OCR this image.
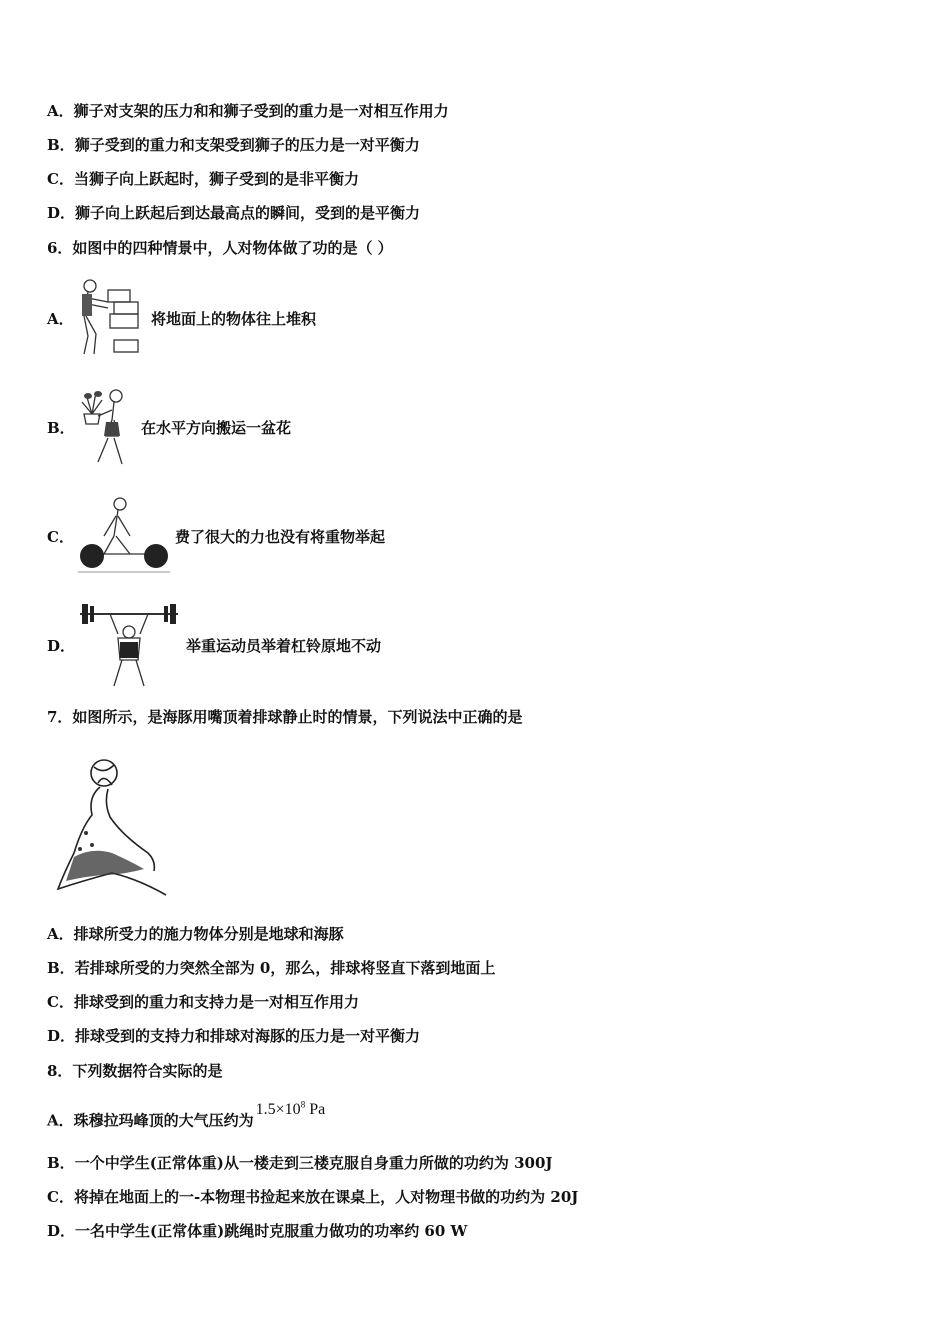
A．狮子对支架的压力和和狮子受到的重力是一对相互作用力
B．狮子受到的重力和支架受到狮子的压力是一对平衡力
C．当狮子向上跃起时，狮子受到的是非平衡力
D．狮子向上跃起后到达最高点的瞬间，受到的是平衡力
6．如图中的四种情景中，人对物体做了功的是（ ）
A．	将地面上的物体往上堆积
B．	在水平方向搬运一盆花
C．	费了很大的力也没有将重物举起
D．	举重运动员举着杠铃原地不动
7．如图所示，是海豚用嘴顶着排球静止时的情景，下列说法中正确的是
A．排球所受力的施力物体分别是地球和海豚
B．若排球所受的力突然全部为 0，那么，排球将竖直下落到地面上
C．排球受到的重力和支持力是一对相互作用力
D．排球受到的支持力和排球对海豚的压力是一对平衡力
8．下列数据符合实际的是
A．珠穆拉玛峰顶的大气压约为$1.5\times 10^8$ Pa
B．一个中学生(正常体重)从一楼走到三楼克服自身重力所做的功约为 300J
C．将掉在地面上的一-本物理书捡起来放在课桌上，人对物理书做的功约为 20J
D．一名中学生(正常体重)跳绳时克服重力做功的功率约 60 W
